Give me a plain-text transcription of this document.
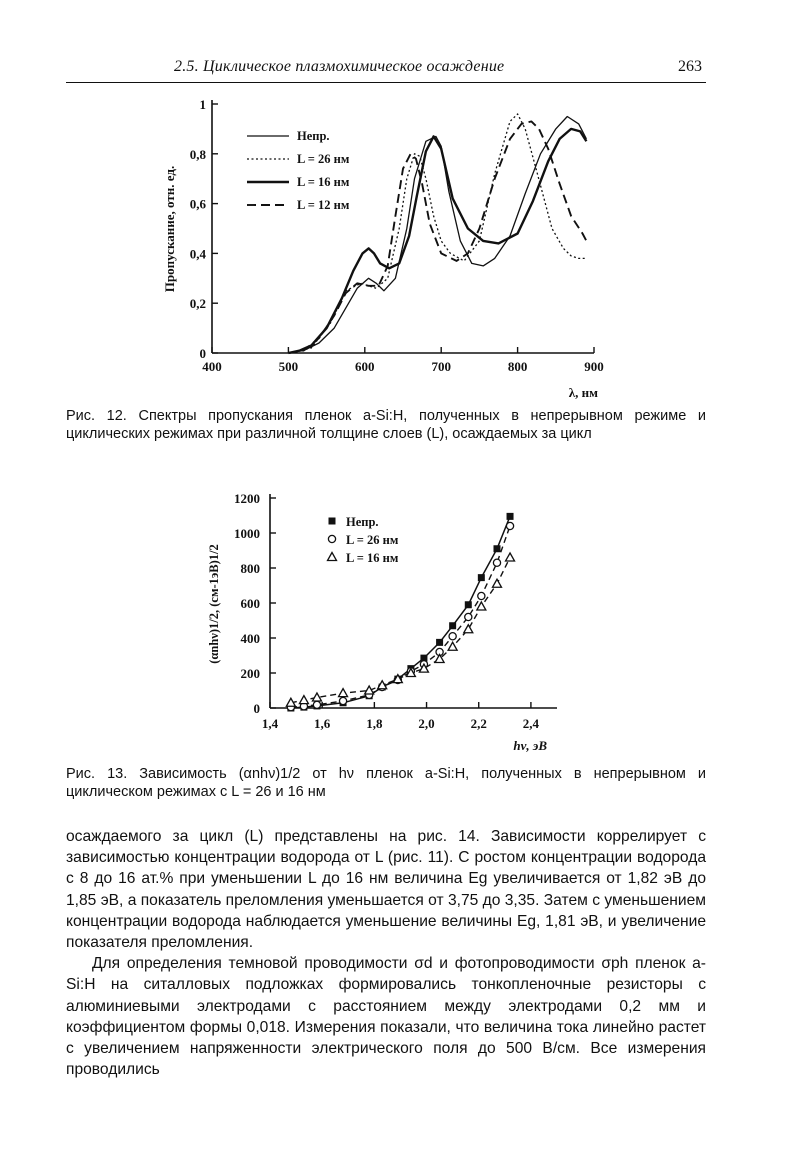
2.5. Циклическое плазмохимическое осаждение	263
400	500	600	700	800	900
0
0,2
0,4
0,6
0,8
1
λ, нм
Пропускание, отн. ед.
Непр.
L = 26 нм
L = 16 нм
L = 12 нм
Рис. 12. Спектры пропускания пленок a-Si:H, полученных в непрерывном режиме и циклических режимах при различной толщине слоев (L), осаждаемых за цикл
1,4	1,6	1,8	2,0	2,2	2,4
0
200
400
600
800
1000
1200
hν, эВ
(αnhν)1/2, (см-1эВ)1/2
Непр.
L = 26 нм
L = 16 нм
Рис. 13. Зависимость (αnhν)1/2 от hν пленок a-Si:H, полученных в непрерывном и циклическом режимах с L = 26 и 16 нм

осаждаемого за цикл (L) представлены на рис. 14. Зависимости коррелирует с зависимостью концентрации водорода от L (рис. 11). С ростом концентрации водорода с 8 до 16 ат.% при уменьшении L до 16 нм величина Eg увеличивается от 1,82 эВ до 1,85 эВ, а показатель преломления уменьшается от 3,75 до 3,35. Затем с уменьшением концентрации водорода наблюдается уменьшение величины Eg, 1,81 эВ, и увеличение показателя преломления.

Для определения темновой проводимости σd и фотопроводимости σph пленок a-Si:H на ситалловых подложках формировались тонкопленочные резисторы с алюминиевыми электродами с расстоянием между электродами 0,2 мм и коэффициентом формы 0,018. Измерения показали, что величина тока линейно растет с увеличением напряженности электрического поля до 500 В/см. Все измерения проводились
